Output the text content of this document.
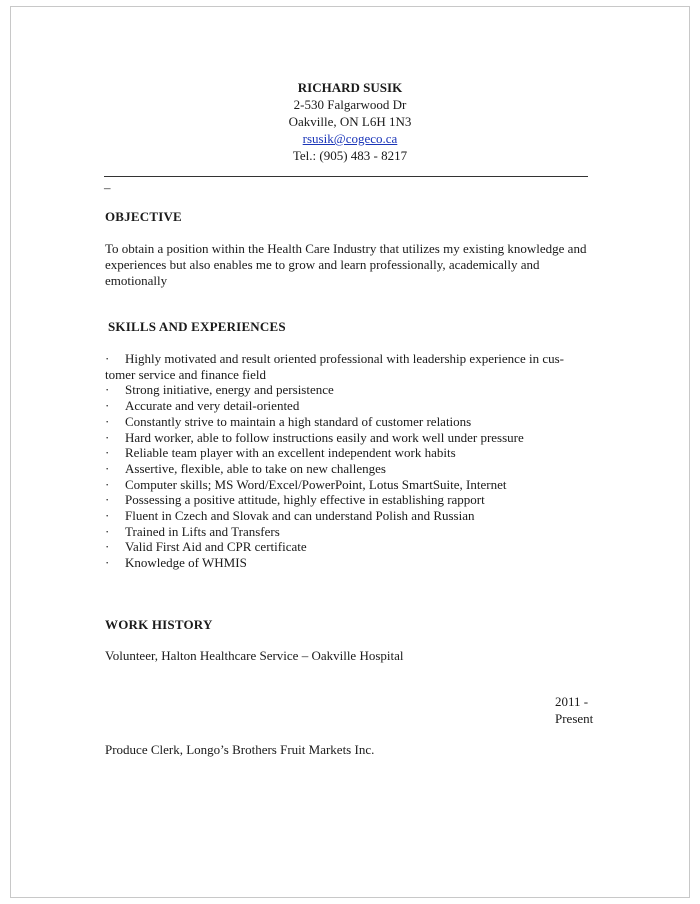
RICHARD SUSIK
2-530 Falgarwood Dr
Oakville, ON L6H 1N3
rsusik@cogeco.ca
Tel.: (905) 483 - 8217
–
OBJECTIVE
To obtain a position within the Health Care Industry that utilizes my existing knowledge and experiences but also enables me to grow and learn professionally, academically and emotionally
SKILLS AND EXPERIENCES
· Highly motivated and result oriented professional with leadership experience in cus-
tomer service and finance field
· Strong initiative, energy and persistence
· Accurate and very detail-oriented
· Constantly strive to maintain a high standard of customer relations
· Hard worker, able to follow instructions easily and work well under pressure
· Reliable team player with an excellent independent work habits
· Assertive, flexible, able to take on new challenges
· Computer skills; MS Word/Excel/PowerPoint, Lotus SmartSuite, Internet
· Possessing a positive attitude, highly effective in establishing rapport
· Fluent in Czech and Slovak and can understand Polish and Russian
· Trained in Lifts and Transfers
· Valid First Aid and CPR certificate
· Knowledge of WHMIS
WORK HISTORY
Volunteer, Halton Healthcare Service – Oakville Hospital
2011 -
Present
Produce Clerk, Longo’s Brothers Fruit Markets Inc.
